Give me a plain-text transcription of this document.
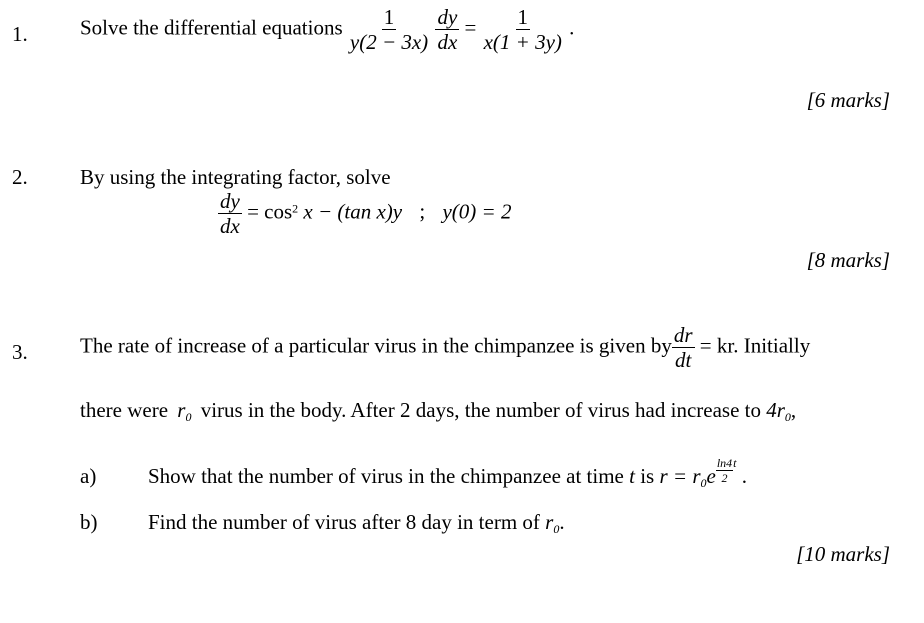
1. Solve the differential equations $\frac{1}{y(2 - 3x)}$
$\frac{dy}{dx} = \frac{1}{x(1 + 3y)}$ .
[6 marks]
2. By using the integrating factor, solve
$\frac{dy}{dx} = \cos^2 x - (\tan$ x)y ; y(0) = 2
[8 marks]
3. The rate of increase of a particular virus in the chimpanzee is given by $\frac{dr}{dt}$ = kr. Initially
there were $r_0$ virus in the body. After 2 days, the number of virus had increase to $4r_0$,
a) Show that the number of virus in the chimpanzee at time t is $r = r_0e \frac{\ln 4}{2} ^t$ .
b) Find the number of virus after 8 day in term of $r_0$.
[10 marks]
